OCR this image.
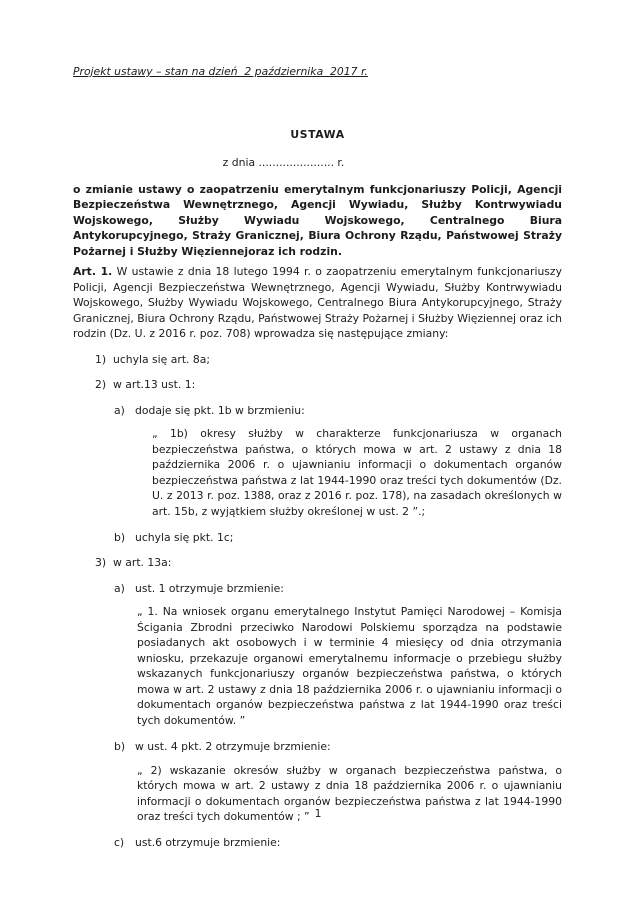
Projekt ustawy – stan na dzień  2 października  2017 r.

USTAWA

z dnia ...................... r.

o zmianie ustawy o zaopatrzeniu emerytalnym funkcjonariuszy Policji, Agencji Bezpieczeństwa Wewnętrznego, Agencji Wywiadu, Służby Kontrwywiadu Wojskowego, Służby Wywiadu Wojskowego, Centralnego Biura Antykorupcyjnego, Straży Granicznej, Biura Ochrony Rządu, Państwowej Straży Pożarnej i Służby Więziennejoraz ich rodzin.

Art. 1. W ustawie z dnia 18 lutego 1994 r. o zaopatrzeniu emerytalnym funkcjonariuszy Policji, Agencji Bezpieczeństwa Wewnętrznego, Agencji Wywiadu, Służby Kontrwywiadu Wojskowego, Służby Wywiadu Wojskowego, Centralnego Biura Antykorupcyjnego, Straży Granicznej, Biura Ochrony Rządu, Państwowej Straży Pożarnej i Służby Więziennej oraz ich rodzin (Dz. U. z 2016 r. poz. 708) wprowadza się następujące zmiany:

1) uchyla się art. 8a;
2) w art.13 ust. 1:
a) dodaje się pkt. 1b w brzmieniu:

„ 1b) okresy służby w charakterze funkcjonariusza w organach bezpieczeństwa państwa, o których mowa w art. 2 ustawy z dnia 18 października 2006 r. o ujawnianiu informacji o dokumentach organów bezpieczeństwa państwa z lat 1944-1990 oraz treści tych dokumentów (Dz. U. z 2013 r. poz. 1388, oraz z 2016 r. poz. 178), na zasadach określonych w art. 15b, z wyjątkiem służby określonej w ust. 2 ”.;

b) uchyla się pkt. 1c;
3) w art. 13a:
a) ust. 1 otrzymuje brzmienie:

„ 1. Na wniosek organu emerytalnego Instytut Pamięci Narodowej – Komisja Ścigania Zbrodni przeciwko Narodowi Polskiemu sporządza na podstawie posiadanych akt osobowych i w terminie 4 miesięcy od dnia otrzymania wniosku, przekazuje organowi emerytalnemu informacje o przebiegu służby wskazanych funkcjonariuszy organów bezpieczeństwa państwa, o których mowa w art. 2 ustawy z dnia 18 października 2006 r. o ujawnianiu informacji o dokumentach organów bezpieczeństwa państwa z lat 1944-1990 oraz treści tych dokumentów. ”

b) w ust. 4 pkt. 2 otrzymuje brzmienie:

„ 2) wskazanie okresów służby w organach bezpieczeństwa państwa, o których mowa w art. 2 ustawy z dnia 18 października 2006 r. o ujawnianiu informacji o dokumentach organów bezpieczeństwa państwa z lat 1944-1990 oraz treści tych dokumentów ; ”

c) ust.6 otrzymuje brzmienie:
1
